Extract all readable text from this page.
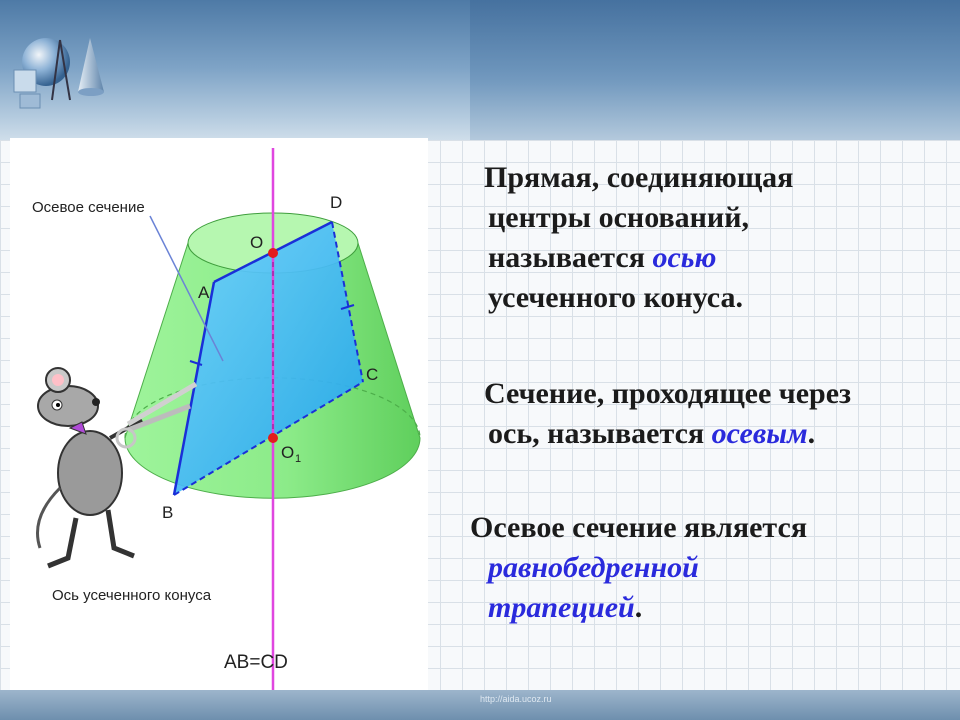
Осевое сечение
Ось усеченного конуса
AB=CD
D
O
A
C
O 1
B

Прямая, соединяющая

центры оснований,

называется осью

усеченного конуса.

Сечение, проходящее через

ось, называется осевым.

Осевое сечение является

равнобедренной

трапецией.

http://aida.ucoz.ru
